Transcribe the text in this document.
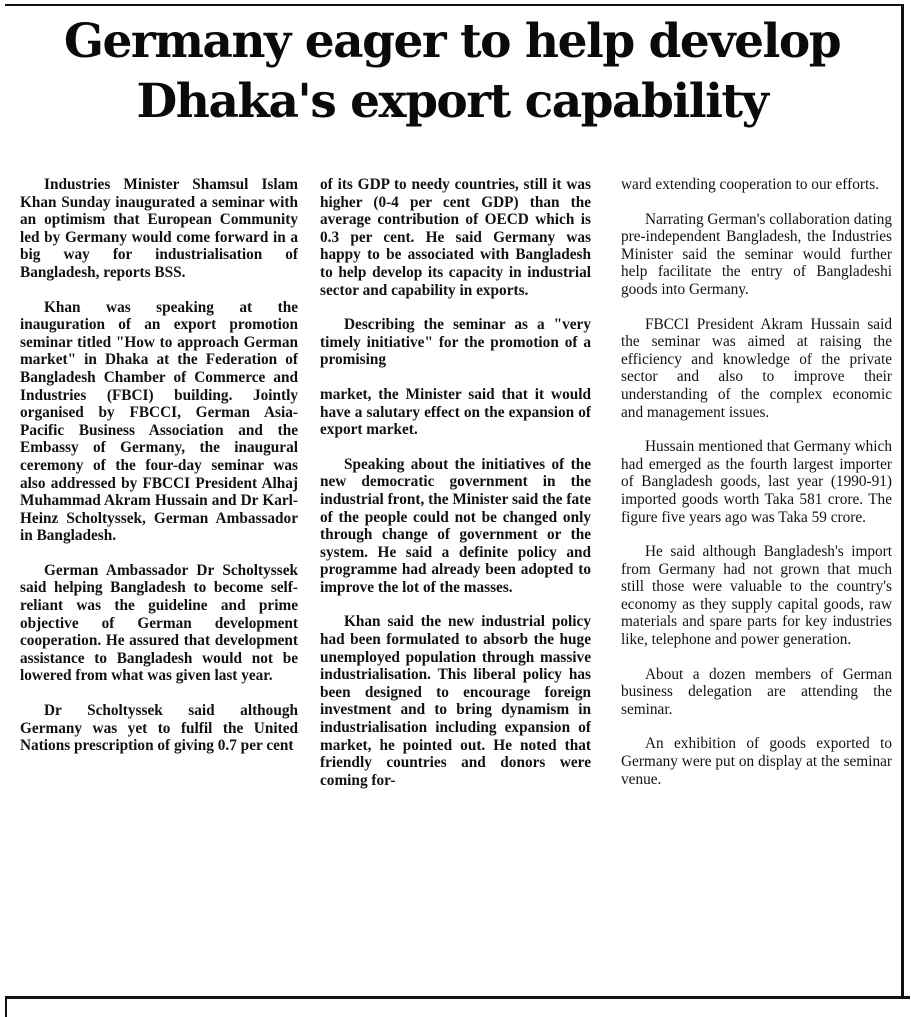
Germany eager to help develop Dhaka's export capability

Industries Minister Shamsul Islam Khan Sunday inaugurated a seminar with an optimism that European Community led by Germany would come forward in a big way for industrialisation of Bangladesh, reports BSS.

Khan was speaking at the inauguration of an export promotion seminar titled "How to approach German market" in Dhaka at the Federation of Bangladesh Chamber of Commerce and Industries (FBCI) building. Jointly organised by FBCCI, German Asia-Pacific Business Association and the Embassy of Germany, the inaugural ceremony of the four-day seminar was also addressed by FBCCI President Alhaj Muhammad Akram Hussain and Dr Karl-Heinz Scholtyssek, German Ambassador in Bangladesh.

German Ambassador Dr Scholtyssek said helping Bangladesh to become self-reliant was the guideline and prime objective of German development cooperation. He assured that development assistance to Bangladesh would not be lowered from what was given last year.

Dr Scholtyssek said although Germany was yet to fulfil the United Nations prescription of giving 0.7 per cent

of its GDP to needy countries, still it was higher (0-4 per cent GDP) than the average contribution of OECD which is 0.3 per cent. He said Germany was happy to be associated with Bangladesh to help develop its capacity in industrial sector and capability in exports.

Describing the seminar as a "very timely initiative" for the promotion of a promising

market, the Minister said that it would have a salutary effect on the expansion of export market.

Speaking about the initiatives of the new democratic government in the industrial front, the Minister said the fate of the people could not be changed only through change of government or the system. He said a definite policy and programme had already been adopted to improve the lot of the masses.

Khan said the new industrial policy had been formulated to absorb the huge unemployed population through massive industrialisation. This liberal policy has been designed to encourage foreign investment and to bring dynamism in industrialisation including expansion of market, he pointed out. He noted that friendly countries and donors were coming for-

ward extending cooperation to our efforts.

Narrating German's collaboration dating pre-independent Bangladesh, the Industries Minister said the seminar would further help facilitate the entry of Bangladeshi goods into Germany.

FBCCI President Akram Hussain said the seminar was aimed at raising the efficiency and knowledge of the private sector and also to improve their understanding of the complex economic and management issues.

Hussain mentioned that Germany which had emerged as the fourth largest importer of Bangladesh goods, last year (1990-91) imported goods worth Taka 581 crore. The figure five years ago was Taka 59 crore.

He said although Bangladesh's import from Germany had not grown that much still those were valuable to the country's economy as they supply capital goods, raw materials and spare parts for key industries like, telephone and power generation.

About a dozen members of German business delegation are attending the seminar.

An exhibition of goods exported to Germany were put on display at the seminar venue.
